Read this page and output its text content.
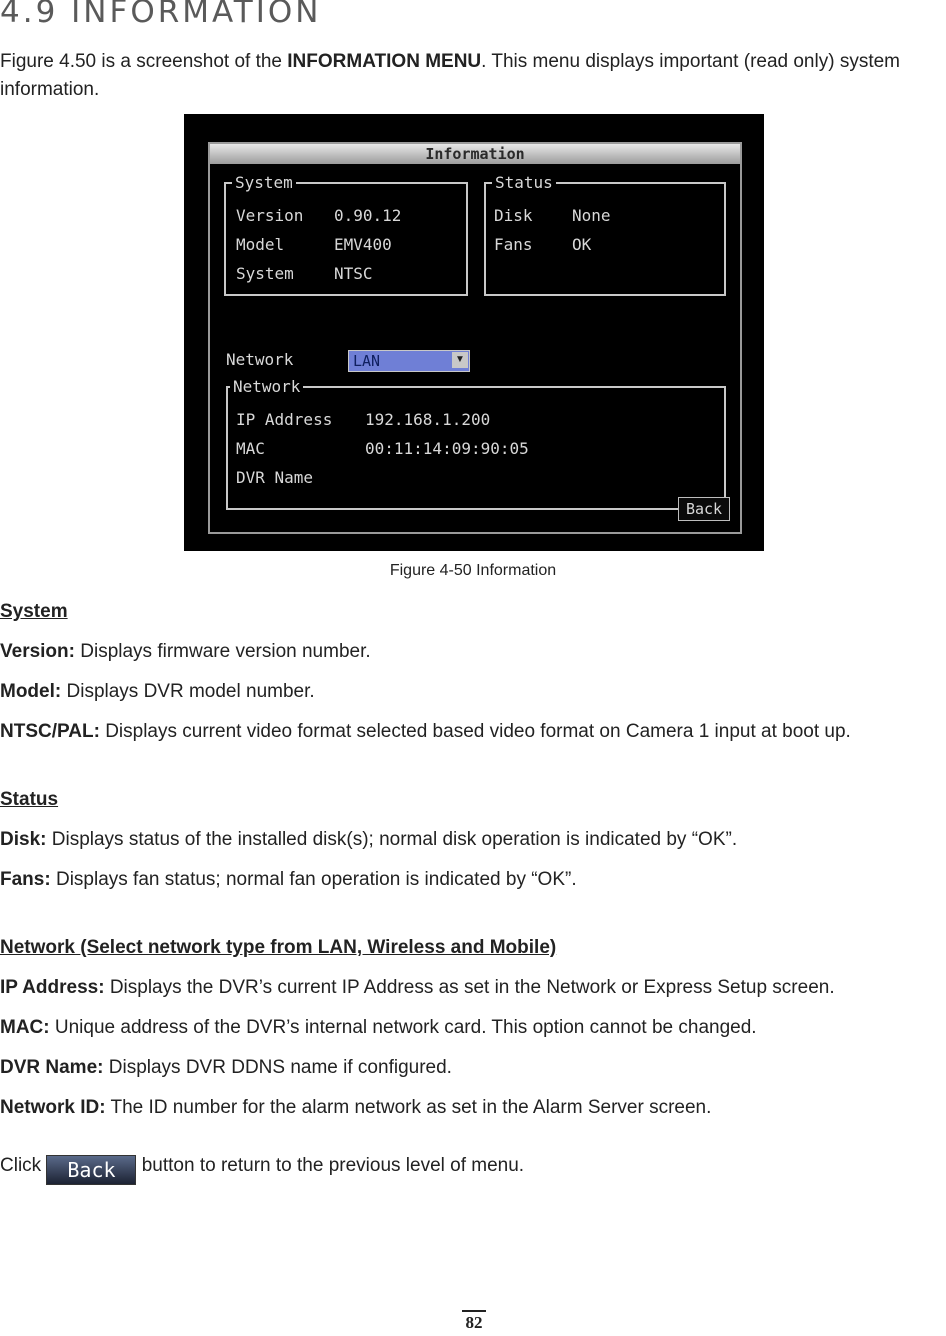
4.9 INFORMATION
Figure 4.50 is a screenshot of the INFORMATION MENU. This menu displays important (read only) system
information.
Information
System
Version 0.90.12
Model	EMV400
System	NTSC
Status
Disk None
Fans OK
Network	LAN	▼
Network
IP Address 192.168.1.200
MAC	00:11:14:09:90:05
DVR Name
Back
Figure 4-50 Information
System
Version: Displays firmware version number.
Model: Displays DVR model number.
NTSC/PAL: Displays current video format selected based video format on Camera 1 input at boot up.
Status
Disk: Displays status of the installed disk(s); normal disk operation is indicated by “OK”.
Fans: Displays fan status; normal fan operation is indicated by “OK”.
Network (Select network type from LAN, Wireless and Mobile)
IP Address: Displays the DVR’s current IP Address as set in the Network or Express Setup screen.
MAC: Unique address of the DVR’s internal network card. This option cannot be changed.
DVR Name: Displays DVR DDNS name if configured.
Network ID: The ID number for the alarm network as set in the Alarm Server screen.
Click Back button to return to the previous level of menu.
82
